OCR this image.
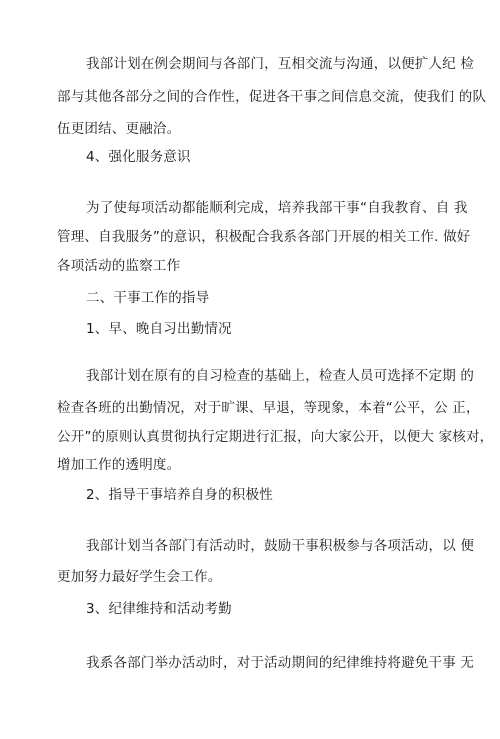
我部计划在例会期间与各部门，互相交流与沟通，以便扩人纪 检
部与其他各部分之间的合作性，促进各干事之间信息交流，使我们 的队
伍更团结、更融洽。
4、强化服务意识
为了使每项活动都能顺利完成，培养我部干事“自我教育、自 我
管理、自我服务”的意识，积极配合我系各部门开展的相关工作. 做好
各项活动的监察工作
二、干事工作的指导
1、早、晚自习出勤情况
我部计划在原有的自习检查的基础上，检查人员可选择不定期 的
检查各班的出勤情况，对于旷课、早退，等现象，本着“公平，公 正，
公开”的原则认真贯彻执行定期进行汇报，向大家公开，以便大 家核对，
增加工作的透明度。
2、指导干事培养自身的积极性
我部计划当各部门有活动时，鼓励干事积极参与各项活动，以 便
更加努力最好学生会工作。
3、纪律维持和活动考勤
我系各部门举办活动时，对于活动期间的纪律维持将避免干事 无
